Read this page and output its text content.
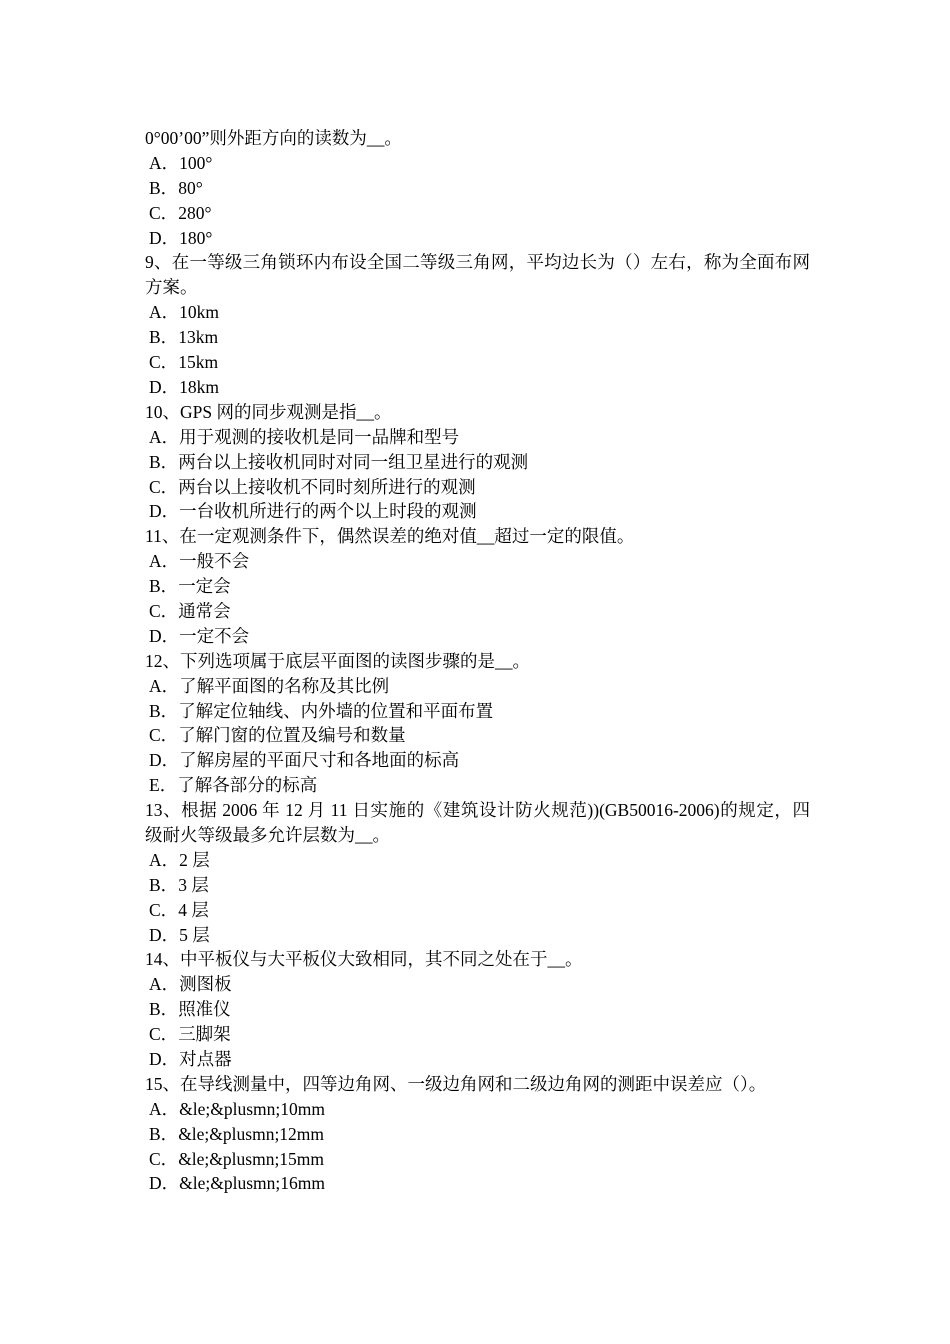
0°00’00”则外距方向的读数为__。
A．100°
B．80°
C．280°
D．180°
9、在一等级三角锁环内布设全国二等级三角网，平均边长为（）左右，称为全面布网方案。
A．10km
B．13km
C．15km
D．18km
10、GPS 网的同步观测是指__。
A．用于观测的接收机是同一品牌和型号
B．两台以上接收机同时对同一组卫星进行的观测
C．两台以上接收机不同时刻所进行的观测
D．一台收机所进行的两个以上时段的观测
11、在一定观测条件下，偶然误差的绝对值__超过一定的限值。
A．一般不会
B．一定会
C．通常会
D．一定不会
12、下列选项属于底层平面图的读图步骤的是__。
A．了解平面图的名称及其比例
B．了解定位轴线、内外墙的位置和平面布置
C．了解门窗的位置及编号和数量
D．了解房屋的平面尺寸和各地面的标高
E．了解各部分的标高
13、根据 2006 年 12 月 11 日实施的《建筑设计防火规范))(GB50016-2006)的规定，四级耐火等级最多允许层数为__。
A．2 层
B．3 层
C．4 层
D．5 层
14、中平板仪与大平板仪大致相同，其不同之处在于__。
A．测图板
B．照准仪
C．三脚架
D．对点器
15、在导线测量中，四等边角网、一级边角网和二级边角网的测距中误差应（）。
A．&le;&plusmn;10mm
B．&le;&plusmn;12mm
C．&le;&plusmn;15mm
D．&le;&plusmn;16mm
